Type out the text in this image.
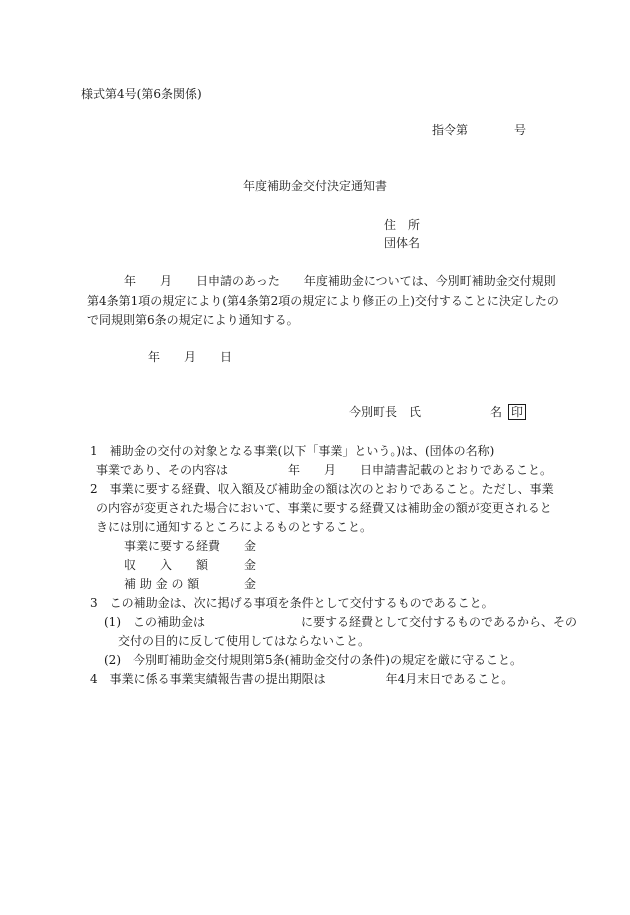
様式第4号(第6条関係)
指令第	号
年度補助金交付決定通知書
住　所
団体名
年　　月　　日申請のあった　　年度補助金については、今別町補助金交付規則
第4条第1項の規定により(第4条第2項の規定により修正の上)交付することに決定したの
で同規則第6条の規定により通知する。
年　　月　　日
今別町長　氏	名 印
1　補助金の交付の対象となる事業(以下「事業」という。)は、(団体の名称)
事業であり、その内容は　　　　　年　　月　　日申請書記載のとおりであること。
2　事業に要する経費、収入額及び補助金の額は次のとおりであること。ただし、事業
の内容が変更された場合において、事業に要する経費又は補助金の額が変更されると
きには別に通知するところによるものとすること。
事業に要する経費 金
収　　入　　額	金
補 助 金 の 額	金
3　この補助金は、次に掲げる事項を条件として交付するものであること。
(1)　この補助金は　　　　　　　　に要する経費として交付するものであるから、その
交付の目的に反して使用してはならないこと。
(2)　今別町補助金交付規則第5条(補助金交付の条件)の規定を厳に守ること。
4　事業に係る事業実績報告書の提出期限は　　　　　年4月末日であること。
